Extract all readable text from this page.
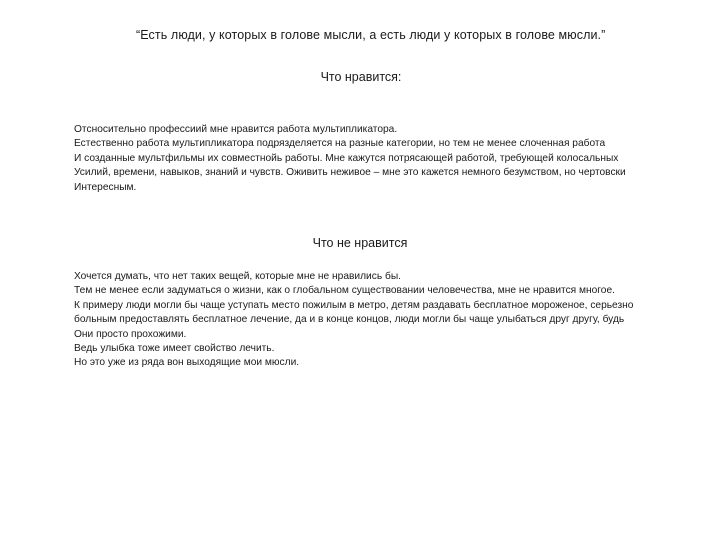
“Есть люди, у которых в голове мысли, а есть люди у которых в голове мюсли.”
Что нравится:
Отсносительно профессиий мне нравится работа мультипликатора.
Естественно работа мультипликатора подрязделяется на разные категории, но тем не менее слоченная работа
И созданные мультфильмы их совместнойь работы. Мне кажутся потрясающей работой, требующей колосальных
Усилий, времени, навыков, знаний и чувств. Оживить неживое – мне это кажется немного безумством, но чертовски
Интересным.
Что не нравится
Хочется думать, что нет таких вещей, которые мне не нравились бы.
Тем не менее если задуматься о жизни, как о глобальном существовании человечества, мне не нравится многое.
К примеру люди могли бы чаще уступать место пожилым в метро, детям раздавать бесплатное мороженое, серьезно
больным предоставлять бесплатное лечение, да и в конце концов, люди могли бы чаще улыбаться друг другу, будь
Они просто прохожими.
Ведь улыбка тоже имеет свойство лечить.
Но это уже из ряда вон выходящие мои мюсли.
